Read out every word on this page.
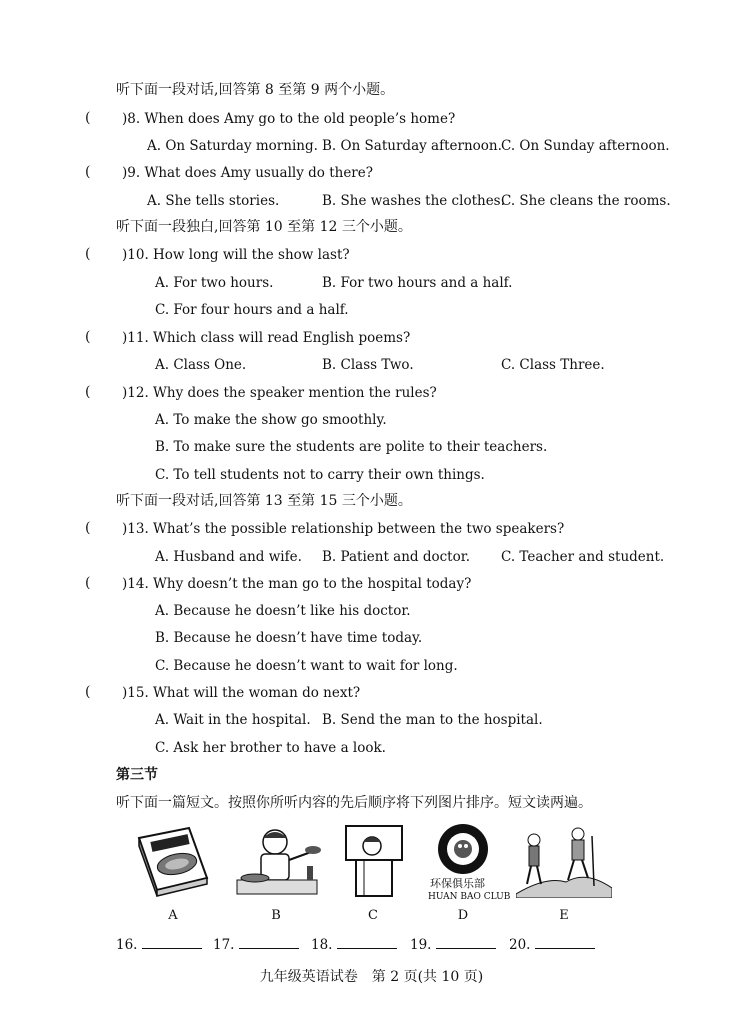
听下面一段对话,回答第 8 至第 9 两个小题。
( )8. When does Amy go to the old people’s home?
A. On Saturday morning. B. On Saturday afternoon. C. On Sunday afternoon.
( )9. What does Amy usually do there?
A. She tells stories.	B. She washes the clothes.
C. She cleans the rooms.
听下面一段独白,回答第 10 至第 12 三个小题。
( )10. How long will the show last?
A. For two hours.	B. For two hours and a half.
C. For four hours and a half.
( )11. Which class will read English poems?
A. Class One.	B. Class Two.	C. Class Three.
( )12. Why does the speaker mention the rules?
A. To make the show go smoothly.
B. To make sure the students are polite to their teachers.
C. To tell students not to carry their own things.
听下面一段对话,回答第 13 至第 15 三个小题。
( )13. What’s the possible relationship between the two speakers?
A. Husband and wife. B. Patient and doctor. C. Teacher and student.
( )14. Why doesn’t the man go to the hospital today?
A. Because he doesn’t like his doctor.
B. Because he doesn’t have time today.
C. Because he doesn’t want to wait for long.
( )15. What will the woman do next?
A. Wait in the hospital. B. Send the man to the hospital.
C. Ask her brother to have a look.
第三节
听下面一篇短文。按照你所听内容的先后顺序将下列图片排序。短文读两遍。
A	B	C
环保俱乐部
HUAN BAO CLUB
D	E
16.	17.	18.	19.	20.
九年级英语试卷　第 2 页(共 10 页)
